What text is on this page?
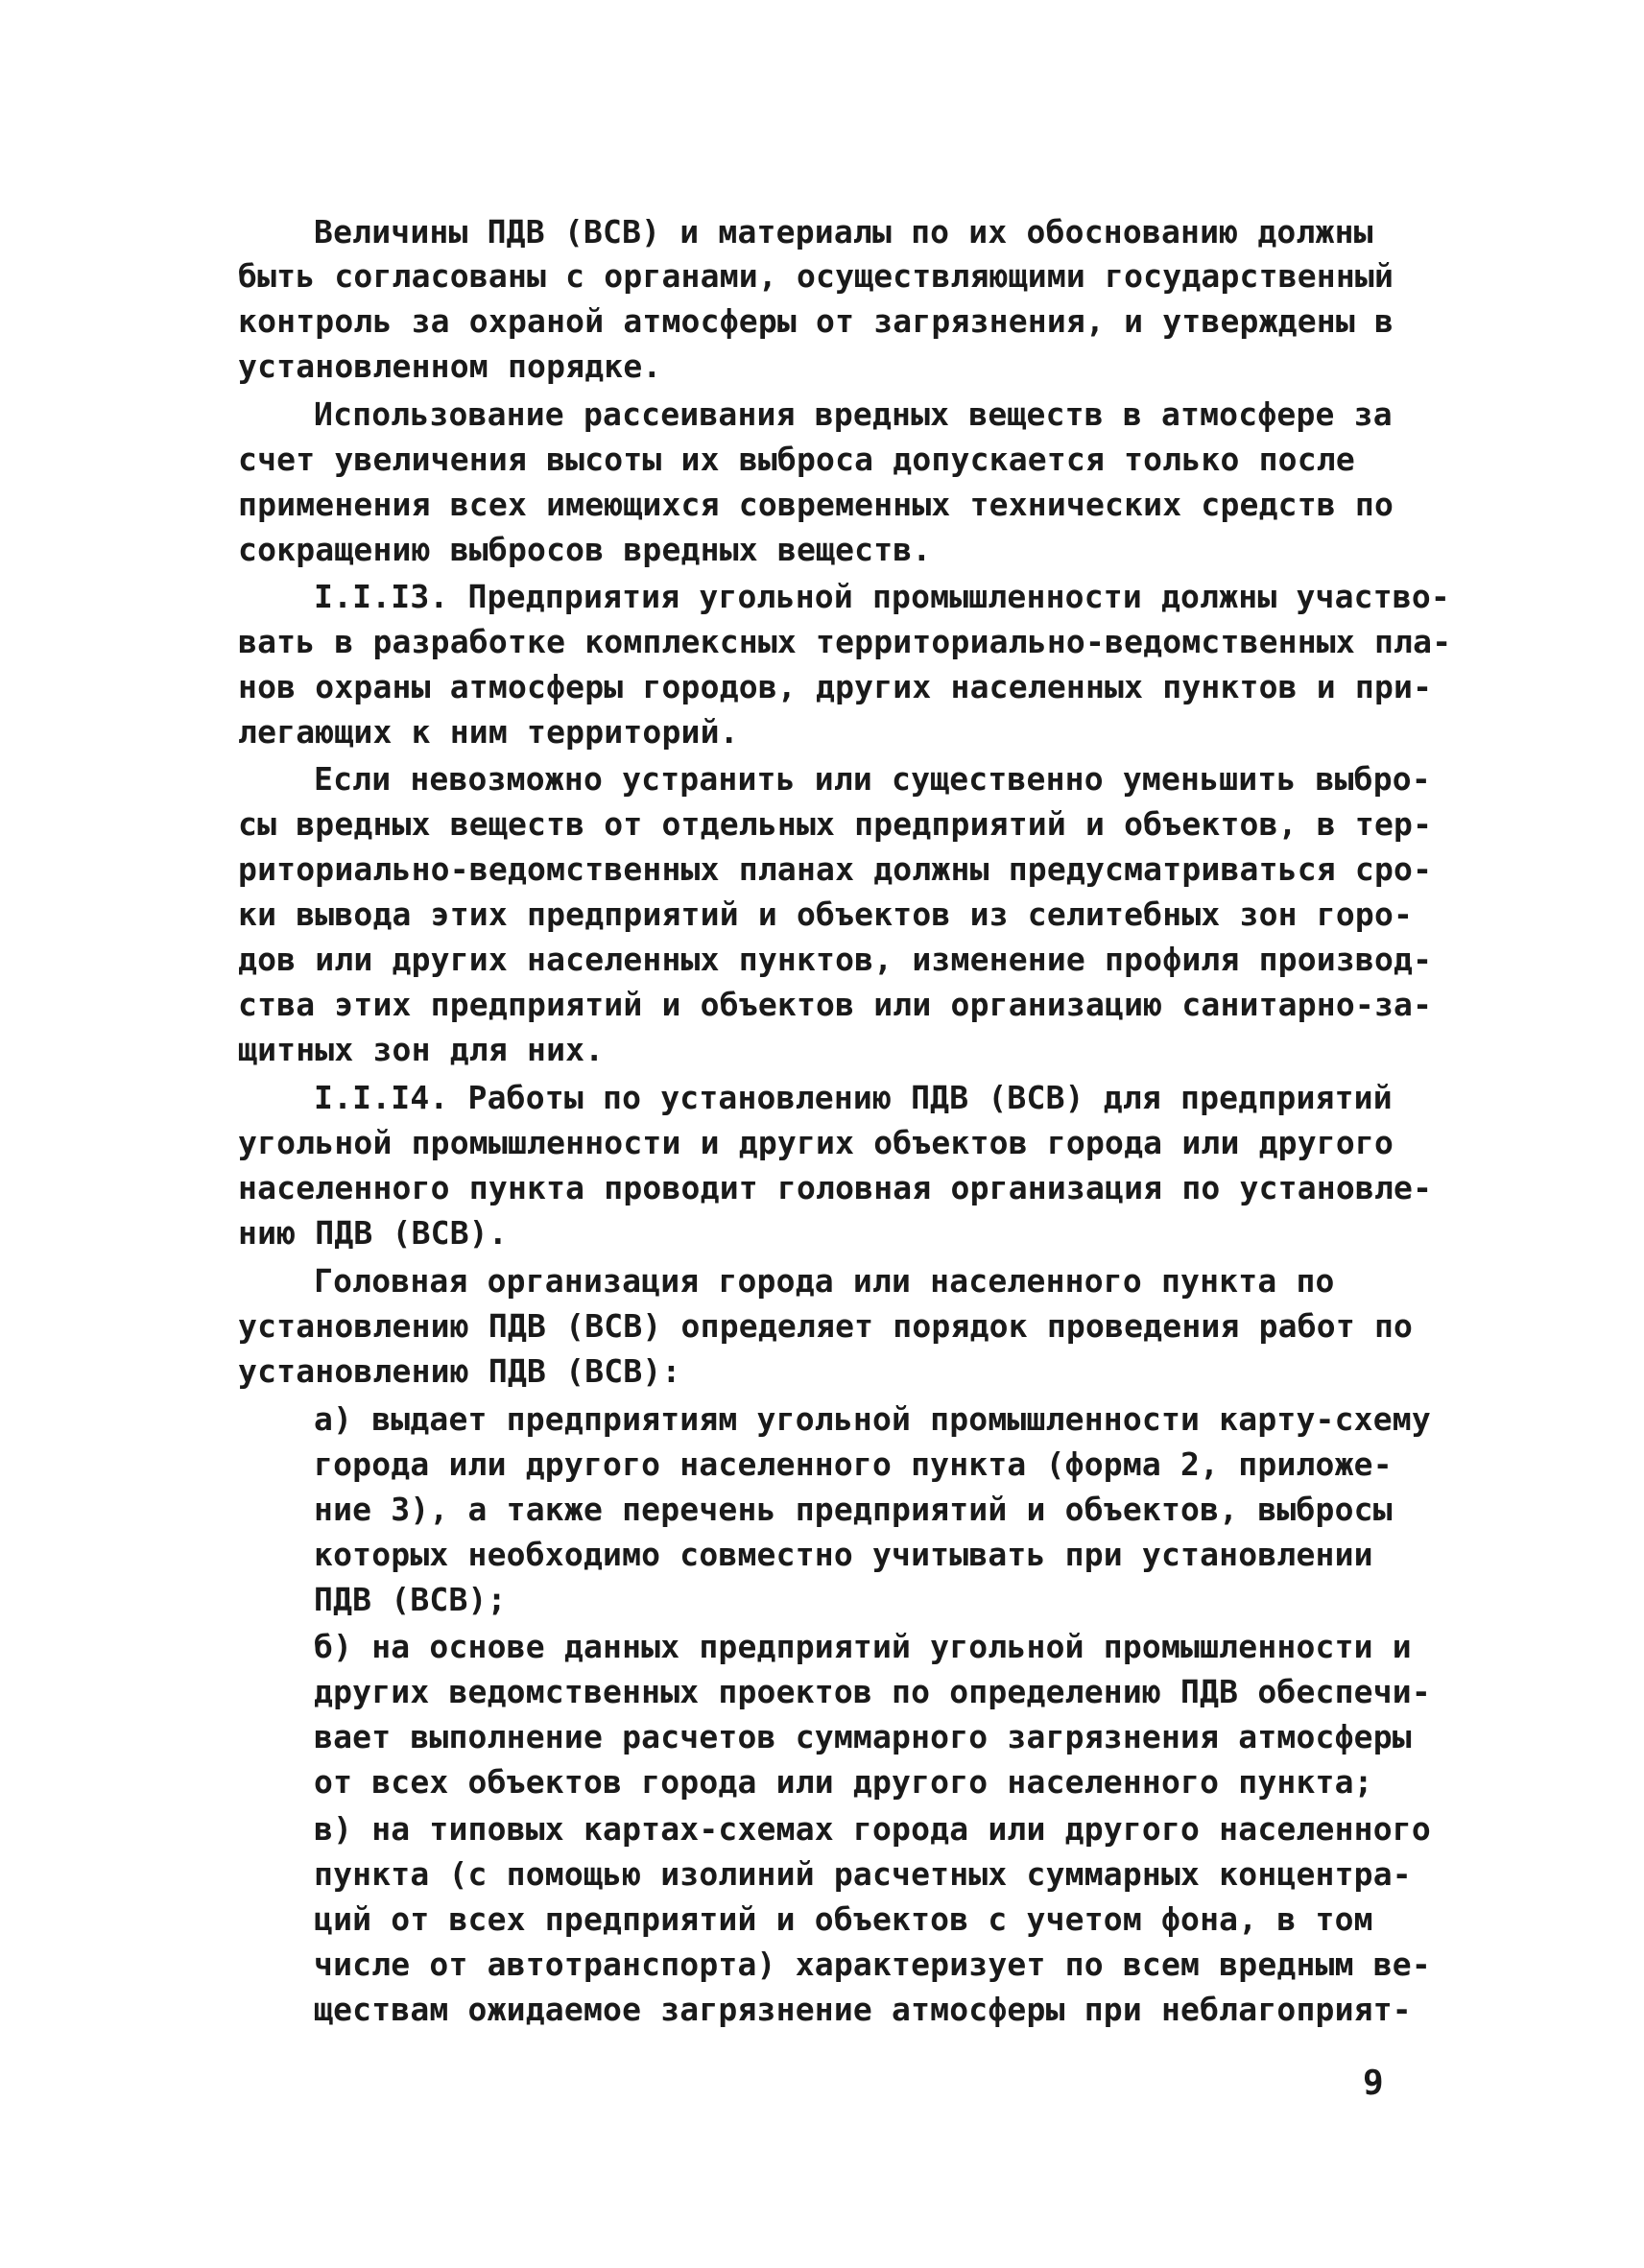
Величины ПДВ (ВСВ) и материалы по их обоснованию должны
быть согласованы с органами, осуществляющими государственный
контроль за охраной атмосферы от загрязнения, и утверждены в
установленном порядке.
Использование рассеивания вредных веществ в атмосфере за
счет увеличения высоты их выброса допускается только после
применения всех имеющихся современных технических средств по
сокращению выбросов вредных веществ.
I.I.I3. Предприятия угольной промышленности должны участво-
вать в разработке комплексных территориально-ведомственных пла-
нов охраны атмосферы городов, других населенных пунктов и при-
легающих к ним территорий.
Если невозможно устранить или существенно уменьшить выбро-
сы вредных веществ от отдельных предприятий и объектов, в тер-
риториально-ведомственных планах должны предусматриваться сро-
ки вывода этих предприятий и объектов из селитебных зон горо-
дов или других населенных пунктов, изменение профиля производ-
ства этих предприятий и объектов или организацию санитарно-за-
щитных зон для них.
I.I.I4. Работы по установлению ПДВ (ВСВ) для предприятий
угольной промышленности и других объектов города или другого
населенного пункта проводит головная организация по установле-
нию ПДВ (ВСВ).
Головная организация города или населенного пункта по
установлению ПДВ (ВСВ) определяет порядок проведения работ по
установлению ПДВ (ВСВ):
а) выдает предприятиям угольной промышленности карту-схему
города или другого населенного пункта (форма 2, приложе-
ние 3), а также перечень предприятий и объектов, выбросы
которых необходимо совместно учитывать при установлении
ПДВ (ВСВ);
б) на основе данных предприятий угольной промышленности и
других ведомственных проектов по определению ПДВ обеспечи-
вает выполнение расчетов суммарного загрязнения атмосферы
от всех объектов города или другого населенного пункта;
в) на типовых картах-схемах города или другого населенного
пункта (с помощью изолиний расчетных суммарных концентра-
ций от всех предприятий и объектов с учетом фона, в том
числе от автотранспорта) характеризует по всем вредным ве-
ществам ожидаемое загрязнение атмосферы при неблагоприят-
9
